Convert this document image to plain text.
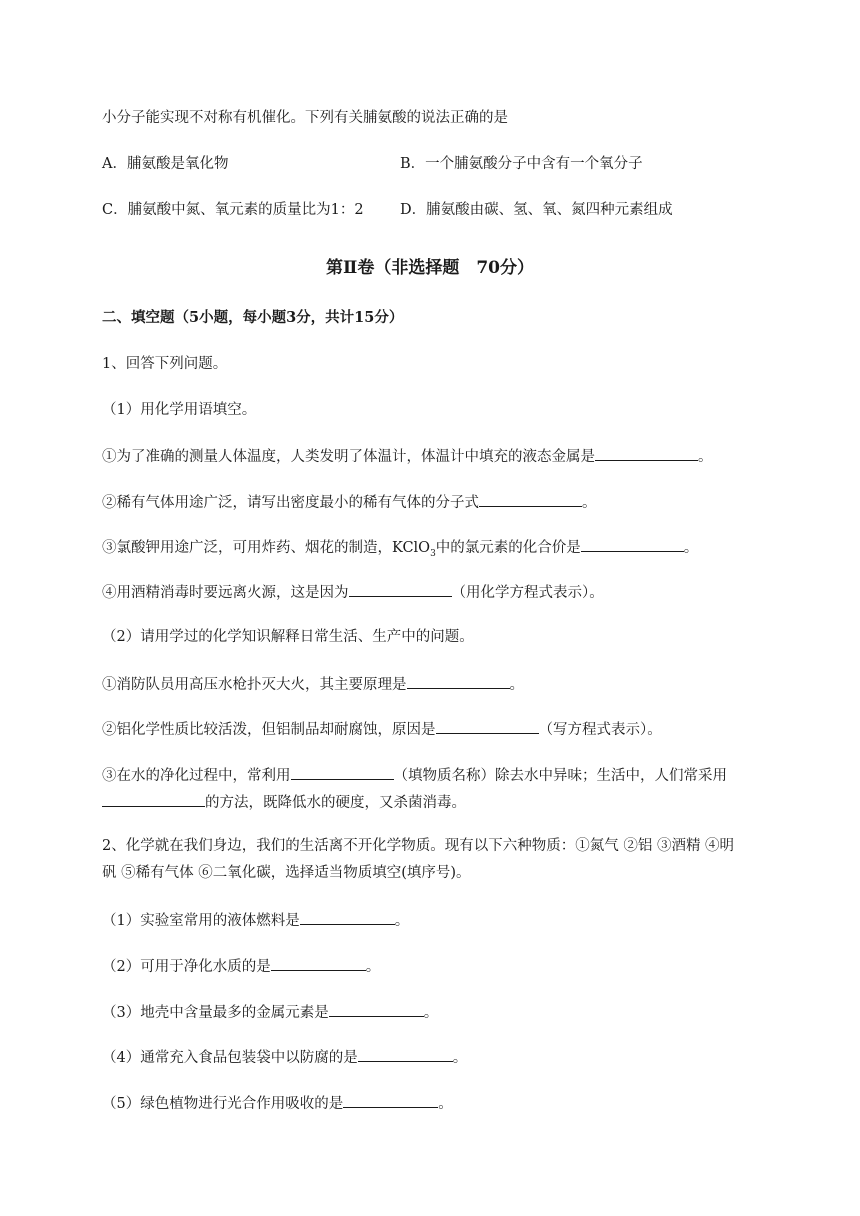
小分子能实现不对称有机催化。下列有关脯氨酸的说法正确的是
A．脯氨酸是氧化物	B．一个脯氨酸分子中含有一个氧分子
C．脯氨酸中氮、氧元素的质量比为1：2	D．脯氨酸由碳、氢、氧、氮四种元素组成
第Ⅱ卷（非选择题　70分）
二、填空题（5小题，每小题3分，共计15分）
1、回答下列问题。
（1）用化学用语填空。
①为了准确的测量人体温度，人类发明了体温计，体温计中填充的液态金属是	。
②稀有气体用途广泛，请写出密度最小的稀有气体的分子式	。
③氯酸钾用途广泛，可用炸药、烟花的制造，KClO$_3$中的氯元素的化合价是	。
④用酒精消毒时要远离火源，这是因为	（用化学方程式表示）。
（2）请用学过的化学知识解释日常生活、生产中的问题。
①消防队员用高压水枪扑灭大火，其主要原理是	。
②铝化学性质比较活泼，但铝制品却耐腐蚀，原因是	（写方程式表示）。
③在水的净化过程中，常利用	（填物质名称）除去水中异味；生活中，人们常采用
的方法，既降低水的硬度，又杀菌消毒。
2、化学就在我们身边，我们的生活离不开化学物质。现有以下六种物质：①氮气 ②铝 ③酒精 ④明
矾 ⑤稀有气体 ⑥二氧化碳，选择适当物质填空(填序号)。
（1）实验室常用的液体燃料是	。
（2）可用于净化水质的是	。
（3）地壳中含量最多的金属元素是	。
（4）通常充入食品包装袋中以防腐的是	。
（5）绿色植物进行光合作用吸收的是	。
